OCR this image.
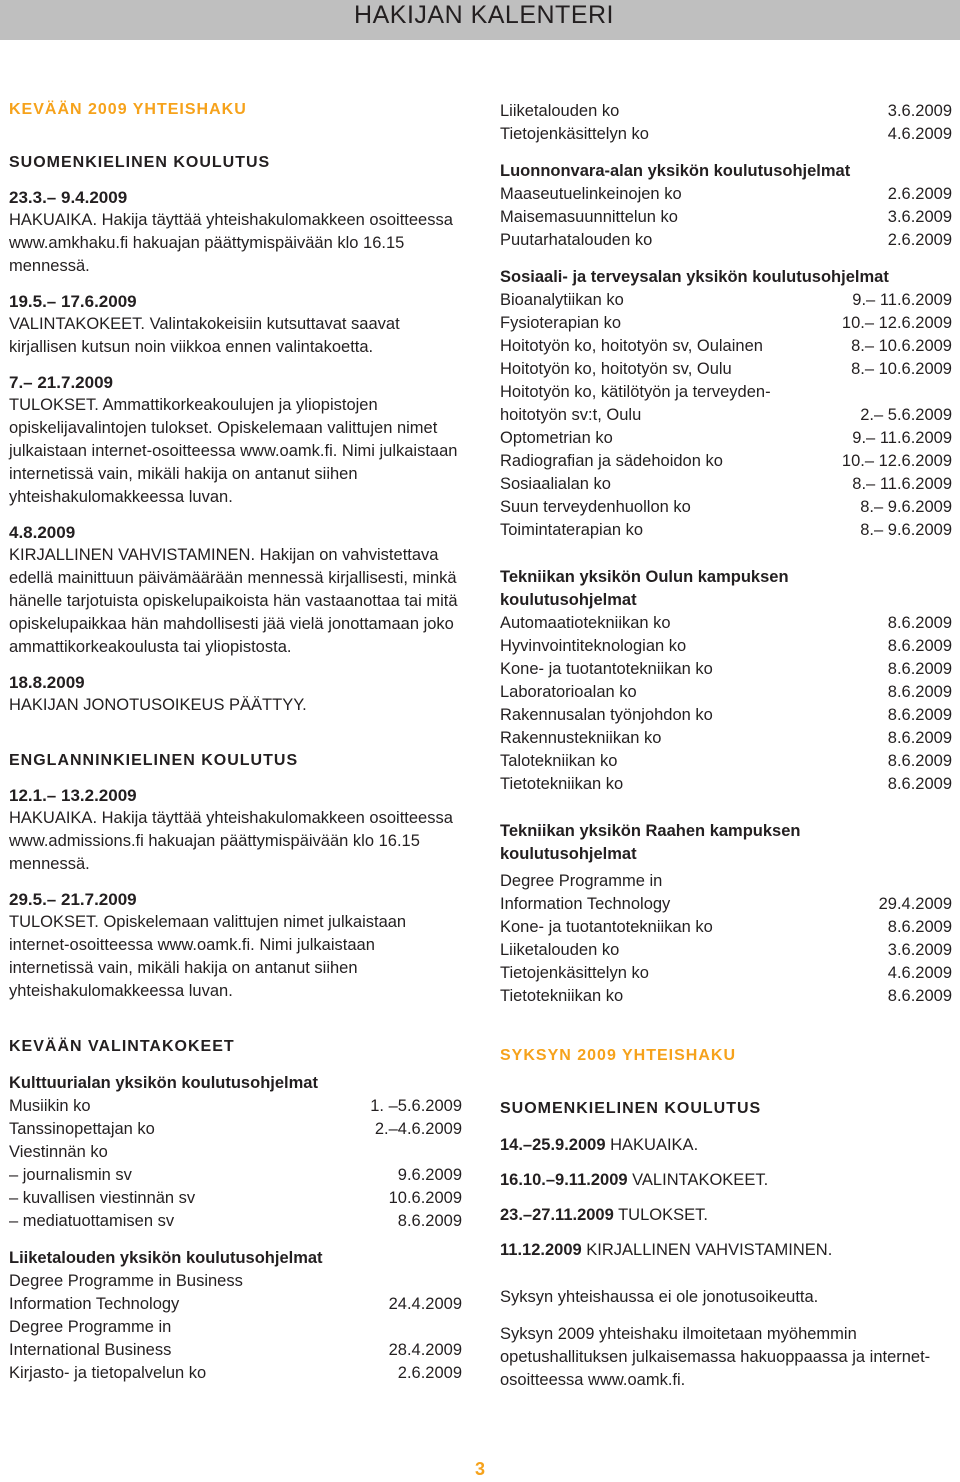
HAKIJAN KALENTERI
KEVÄÄN 2009 YHTEISHAKU
SUOMENKIELINEN KOULUTUS
23.3.– 9.4.2009

HAKUAIKA. Hakija täyttää yhteishakulomakkeen osoitteessa www.amkhaku.fi hakuajan päättymispäivään klo 16.15 mennessä.

19.5.– 17.6.2009

VALINTAKOKEET. Valintakokeisiin kutsuttavat saavat kirjallisen kutsun noin viikkoa ennen valintakoetta.

7.– 21.7.2009

TULOKSET. Ammattikorkeakoulujen ja yliopistojen opiskelijavalintojen tulokset. Opiskelemaan valittujen nimet julkaistaan internet-osoitteessa www.oamk.fi. Nimi julkaistaan internetissä vain, mikäli hakija on antanut siihen yhteishakulomakkeessa luvan.

4.8.2009

KIRJALLINEN VAHVISTAMINEN. Hakijan on vahvistettava edellä mainittuun päivämäärään mennessä kirjallisesti, minkä hänelle tarjotuista opiskelupaikoista hän vastaanottaa tai mitä opiskelupaikkaa hän mahdollisesti jää vielä jonottamaan joko ammattikorkeakoulusta tai yliopistosta.

18.8.2009

HAKIJAN JONOTUSOIKEUS PÄÄTTYY.

ENGLANNINKIELINEN KOULUTUS
12.1.– 13.2.2009

HAKUAIKA. Hakija täyttää yhteishakulomakkeen osoitteessa www.admissions.fi hakuajan päättymispäivään klo 16.15 mennessä.

29.5.– 21.7.2009

TULOKSET. Opiskelemaan valittujen nimet julkaistaan internet-osoitteessa www.oamk.fi. Nimi julkaistaan internetissä vain, mikäli hakija on antanut siihen yhteishakulomakkeessa luvan.

KEVÄÄN VALINTAKOKEET
Kulttuurialan yksikön koulutusohjelmat
Musiikin ko	1. –5.6.2009
Tanssinopettajan ko	2.–4.6.2009
Viestinnän ko
– journalismin sv	9.6.2009
– kuvallisen viestinnän sv	10.6.2009
– mediatuottamisen sv	8.6.2009
Liiketalouden yksikön koulutusohjelmat
Degree Programme in Business
Information Technology	24.4.2009
Degree Programme in
International Business	28.4.2009
Kirjasto- ja tietopalvelun ko	2.6.2009
Liiketalouden ko	3.6.2009
Tietojenkäsittelyn ko	4.6.2009
Luonnonvara-alan yksikön koulutusohjelmat
Maaseutuelinkeinojen ko	2.6.2009
Maisemasuunnittelun ko	3.6.2009
Puutarhatalouden ko	2.6.2009
Sosiaali- ja terveysalan yksikön koulutusohjelmat
Bioanalytiikan ko	9.– 11.6.2009
Fysioterapian ko	10.– 12.6.2009
Hoitotyön ko, hoitotyön sv, Oulainen	8.– 10.6.2009
Hoitotyön ko, hoitotyön sv, Oulu	8.– 10.6.2009
Hoitotyön ko, kätilötyön ja terveyden-
hoitotyön sv:t, Oulu	2.– 5.6.2009
Optometrian ko	9.– 11.6.2009
Radiografian ja sädehoidon ko	10.– 12.6.2009
Sosiaalialan ko	8.– 11.6.2009
Suun terveydenhuollon ko	8.– 9.6.2009
Toimintaterapian ko	8.– 9.6.2009
Tekniikan yksikön Oulun kampuksen
koulutusohjelmat
Automaatiotekniikan ko	8.6.2009
Hyvinvointiteknologian ko	8.6.2009
Kone- ja tuotantotekniikan ko	8.6.2009
Laboratorioalan ko	8.6.2009
Rakennusalan työnjohdon ko	8.6.2009
Rakennustekniikan ko	8.6.2009
Talotekniikan ko	8.6.2009
Tietotekniikan ko	8.6.2009
Tekniikan yksikön Raahen kampuksen
koulutusohjelmat
Degree Programme in
Information Technology	29.4.2009
Kone- ja tuotantotekniikan ko	8.6.2009
Liiketalouden ko	3.6.2009
Tietojenkäsittelyn ko	4.6.2009
Tietotekniikan ko	8.6.2009
SYKSYN 2009 YHTEISHAKU
SUOMENKIELINEN KOULUTUS
14.–25.9.2009 HAKUAIKA.
16.10.–9.11.2009 VALINTAKOKEET.
23.–27.11.2009 TULOKSET.
11.12.2009 KIRJALLINEN VAHVISTAMINEN.

Syksyn yhteishaussa ei ole jonotusoikeutta.

Syksyn 2009 yhteishaku ilmoitetaan myöhemmin opetushallituksen julkaisemassa hakuoppaassa ja internet-osoitteessa www.oamk.fi.

3
